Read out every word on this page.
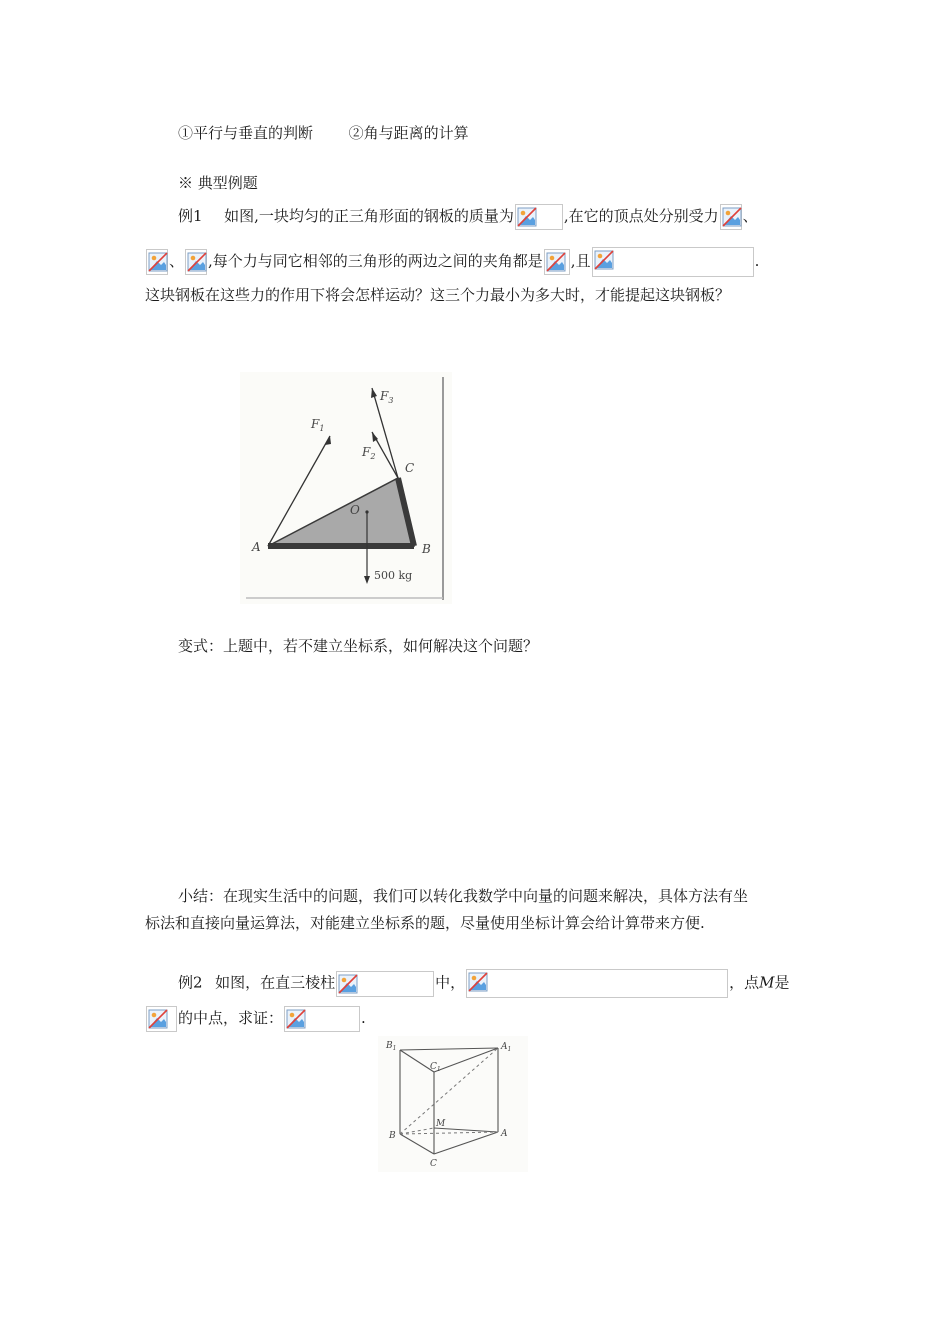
①平行与垂直的判断 ②角与距离的计算
※ 典型例题
例1 如图,一块均匀的正三角形面的钢板的质量为	,在它的顶点处分别受力 、
、 ,每个力与同它相邻的三角形的两边之间的夹角都是 ,且	.
这块钢板在这些力的作用下将会怎样运动？这三个力最小为多大时，才能提起这块钢板？
$F_1$
$F_3$
$F_2$
C
O
A	B
500 kg
变式：上题中，若不建立坐标系，如何解决这个问题？
小结：在现实生活中的问题，我们可以转化我数学中向量的问题来解决，具体方法有坐
标法和直接向量运算法，对能建立坐标系的题，尽量使用坐标计算会给计算带来方便.
例2 如图，在直三棱柱	中，	，点M是
的中点，求证：	.
$B_1$	$A_1$
$C_1$
M
B	A
C
